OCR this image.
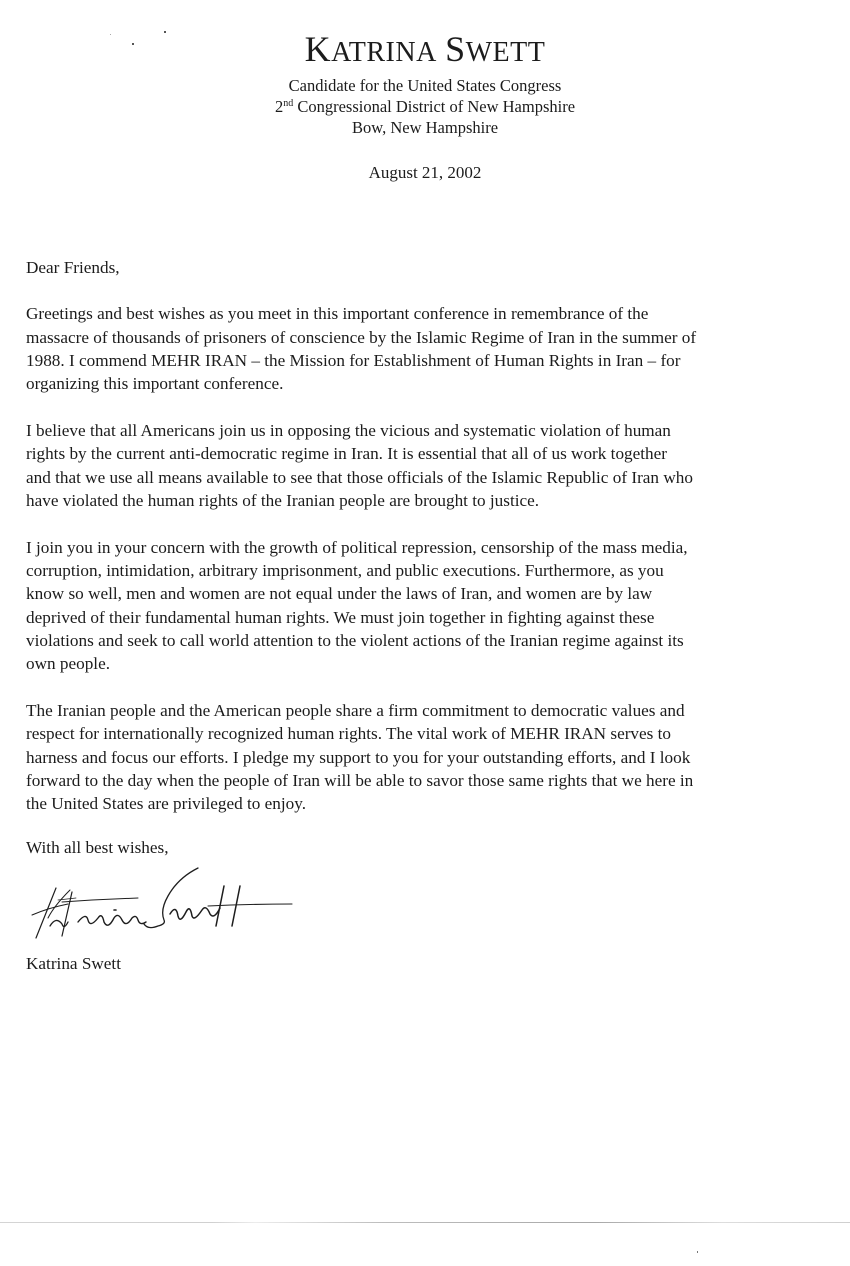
KATRINA SWETT
Candidate for the United States Congress
2nd Congressional District of New Hampshire
Bow, New Hampshire
August 21, 2002

Dear Friends,

Greetings and best wishes as you meet in this important conference in remembrance of the
massacre of thousands of prisoners of conscience by the Islamic Regime of Iran in the summer of
1988. I commend MEHR IRAN – the Mission for Establishment of Human Rights in Iran – for
organizing this important conference.
I believe that all Americans join us in opposing the vicious and systematic violation of human
rights by the current anti-democratic regime in Iran. It is essential that all of us work together
and that we use all means available to see that those officials of the Islamic Republic of Iran who
have violated the human rights of the Iranian people are brought to justice.
I join you in your concern with the growth of political repression, censorship of the mass media,
corruption, intimidation, arbitrary imprisonment, and public executions. Furthermore, as you
know so well, men and women are not equal under the laws of Iran, and women are by law
deprived of their fundamental human rights. We must join together in fighting against these
violations and seek to call world attention to the violent actions of the Iranian regime against its
own people.
The Iranian people and the American people share a firm commitment to democratic values and
respect for internationally recognized human rights. The vital work of MEHR IRAN serves to
harness and focus our efforts. I pledge my support to you for your outstanding efforts, and I look
forward to the day when the people of Iran will be able to savor those same rights that we here in
the United States are privileged to enjoy.
With all best wishes,
Katrina Swett
